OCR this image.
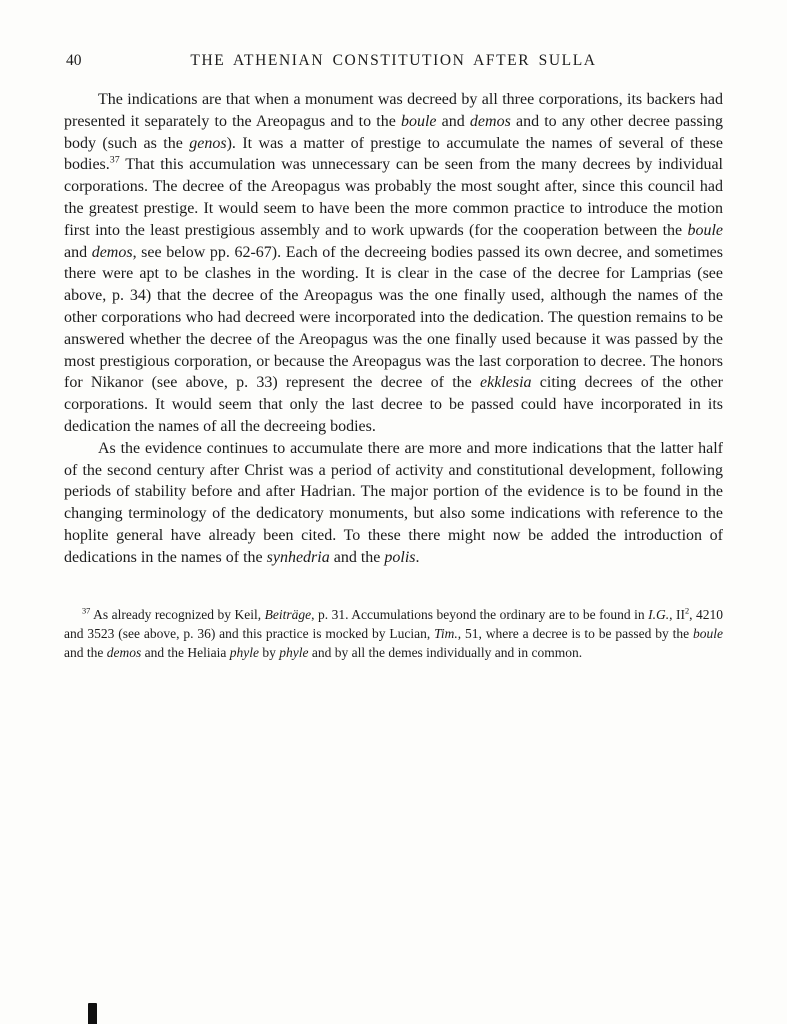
40	THE ATHENIAN CONSTITUTION AFTER SULLA

The indications are that when a monument was decreed by all three corporations, its backers had presented it separately to the Areopagus and to the boule and demos and to any other decree passing body (such as the genos). It was a matter of prestige to accumulate the names of several of these bodies.$^{37}$ That this accumulation was unnecessary can be seen from the many decrees by individual corporations. The decree of the Areopagus was probably the most sought after, since this council had the greatest prestige. It would seem to have been the more common practice to introduce the motion first into the least prestigious assembly and to work upwards (for the cooperation between the boule and demos, see below pp. 62-67). Each of the decreeing bodies passed its own decree, and sometimes there were apt to be clashes in the wording. It is clear in the case of the decree for Lamprias (see above, p. 34) that the decree of the Areopagus was the one finally used, although the names of the other corporations who had decreed were incorporated into the dedication. The question remains to be answered whether the decree of the Areopagus was the one finally used because it was passed by the most prestigious corporation, or because the Areopagus was the last corporation to decree. The honors for Nikanor (see above, p. 33) represent the decree of the ekklesia citing decrees of the other corporations. It would seem that only the last decree to be passed could have incorporated in its dedication the names of all the decreeing bodies.

As the evidence continues to accumulate there are more and more indications that the latter half of the second century after Christ was a period of activity and constitutional development, following periods of stability before and after Hadrian. The major portion of the evidence is to be found in the changing terminology of the dedicatory monuments, but also some indications with reference to the hoplite general have already been cited. To these there might now be added the introduction of dedications in the names of the synhedria and the polis.

$^{37}$ As already recognized by Keil, Beiträge, p. 31. Accumulations beyond the ordinary are to be found in I.G., $II^2$, 4210 and 3523 (see above, p. 36) and this practice is mocked by Lucian, Tim., 51, where a decree is to be passed by the boule and the demos and the Heliaia phyle by phyle and by all the demes individually and in common.
